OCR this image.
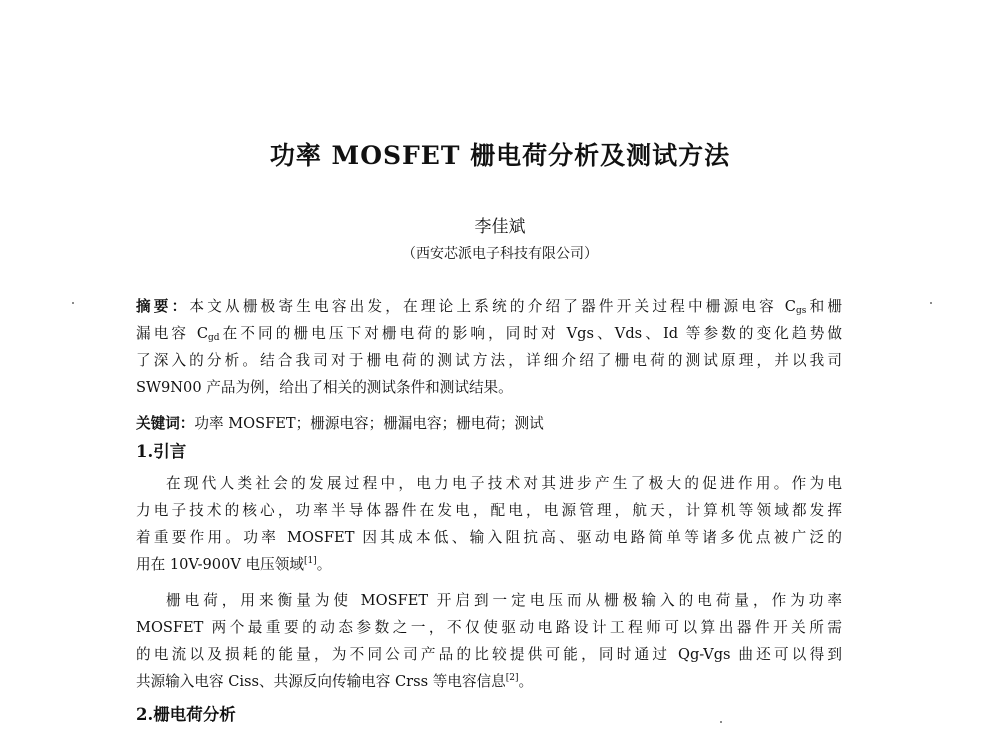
功率 MOSFET 栅电荷分析及测试方法

李佳斌

（西安芯派电子科技有限公司）

摘要：本文从栅极寄生电容出发，在理论上系统的介绍了器件开关过程中栅源电容 $C_{gs}$和栅
漏电容 $C_{gd}$在不同的栅电压下对栅电荷的影响，同时对 Vgs、Vds、Id 等参数的变化趋势做
了深入的分析。结合我司对于栅电荷的测试方法，详细介绍了栅电荷的测试原理，并以我司
SW9N00 产品为例，给出了相关的测试条件和测试结果。
关键词：功率 MOSFET；栅源电容；栅漏电容；栅电荷；测试
1.引言
在现代人类社会的发展过程中，电力电子技术对其进步产生了极大的促进作用。作为电
力电子技术的核心，功率半导体器件在发电，配电，电源管理，航天，计算机等领域都发挥
着重要作用。功率 MOSFET 因其成本低、输入阻抗高、驱动电路简单等诸多优点被广泛的
用在 10V-900V 电压领域[1]。
栅电荷，用来衡量为使 MOSFET 开启到一定电压而从栅极输入的电荷量，作为功率
MOSFET 两个最重要的动态参数之一，不仅使驱动电路设计工程师可以算出器件开关所需
的电流以及损耗的能量，为不同公司产品的比较提供可能，同时通过 Qg-Vgs 曲还可以得到
共源输入电容 Ciss、共源反向传输电容 Crss 等电容信息[2]。
2.栅电荷分析
